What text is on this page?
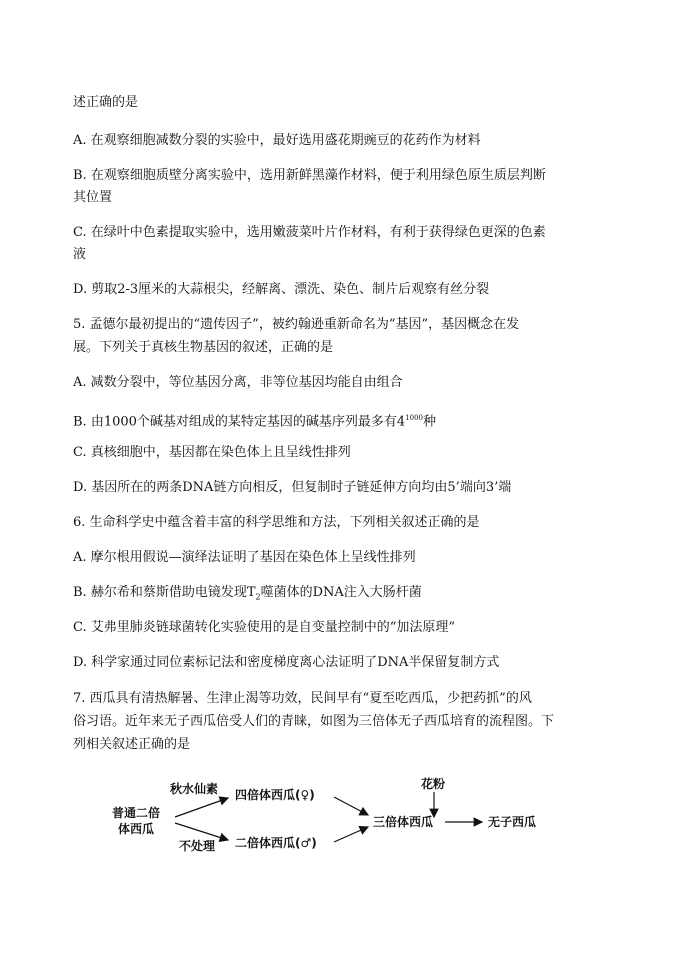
述正确的是
A. 在观察细胞减数分裂的实验中，最好选用盛花期豌豆的花药作为材料
B. 在观察细胞质壁分离实验中，选用新鲜黑藻作材料，便于利用绿色原生质层判断
其位置
C. 在绿叶中色素提取实验中，选用嫩菠菜叶片作材料，有利于获得绿色更深的色素
液
D. 剪取2-3厘米的大蒜根尖，经解离、漂洗、染色、制片后观察有丝分裂
5. 孟德尔最初提出的“遗传因子”，被约翰逊重新命名为“基因”，基因概念在发
展。下列关于真核生物基因的叙述，正确的是
A. 减数分裂中，等位基因分离，非等位基因均能自由组合
B. 由1000个碱基对组成的某特定基因的碱基序列最多有$4^{1000}$种
C. 真核细胞中，基因都在染色体上且呈线性排列
D. 基因所在的两条DNA链方向相反，但复制时子链延伸方向均由5’端向3’端
6. 生命科学史中蕴含着丰富的科学思维和方法，下列相关叙述正确的是
A. 摩尔根用假说—演绎法证明了基因在染色体上呈线性排列
B. 赫尔希和蔡斯借助电镜发现$T_2$噬菌体的DNA注入大肠杆菌
C. 艾弗里肺炎链球菌转化实验使用的是自变量控制中的“加法原理”
D. 科学家通过同位素标记法和密度梯度离心法证明了DNA半保留复制方式
7. 西瓜具有清热解暑、生津止渴等功效，民间早有“夏至吃西瓜，少把药抓”的风
俗习语。近年来无子西瓜倍受人们的青睐，如图为三倍体无子西瓜培育的流程图。下
列相关叙述正确的是
普通二倍
体西瓜
秋水仙素
不处理
四倍体西瓜(♀)
二倍体西瓜(♂)
三倍体西瓜
花粉
无子西瓜
